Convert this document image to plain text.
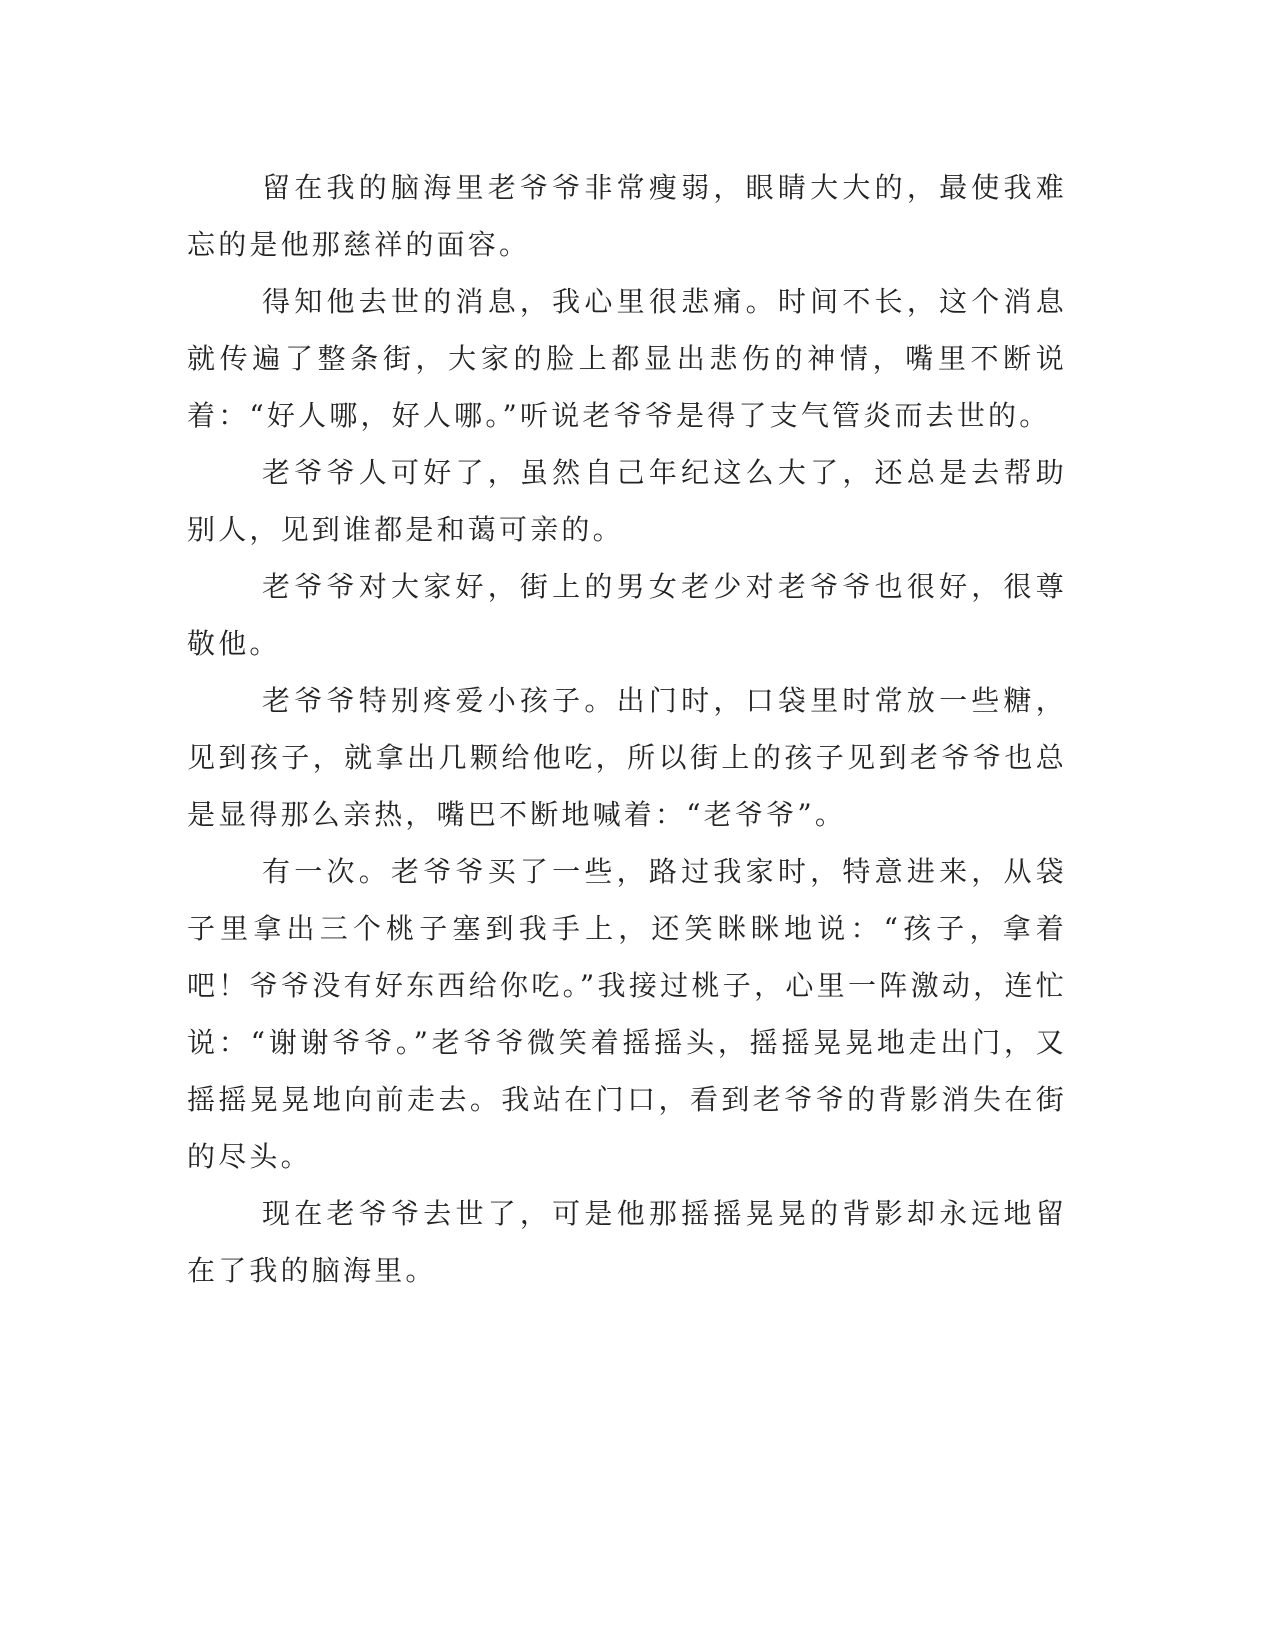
留在我的脑海里老爷爷非常瘦弱，眼睛大大的，最使我难忘的是他那慈祥的面容。

得知他去世的消息，我心里很悲痛。时间不长，这个消息就传遍了整条街，大家的脸上都显出悲伤的神情，嘴里不断说着：“好人哪，好人哪。”听说老爷爷是得了支气管炎而去世的。

老爷爷人可好了，虽然自己年纪这么大了，还总是去帮助别人，见到谁都是和蔼可亲的。

老爷爷对大家好，街上的男女老少对老爷爷也很好，很尊敬他。

老爷爷特别疼爱小孩子。出门时，口袋里时常放一些糖，见到孩子，就拿出几颗给他吃，所以街上的孩子见到老爷爷也总是显得那么亲热，嘴巴不断地喊着：“老爷爷”。

有一次。老爷爷买了一些，路过我家时，特意进来，从袋子里拿出三个桃子塞到我手上，还笑眯眯地说：“孩子，拿着吧！爷爷没有好东西给你吃。”我接过桃子，心里一阵激动，连忙说：“谢谢爷爷。”老爷爷微笑着摇摇头，摇摇晃晃地走出门，又摇摇晃晃地向前走去。我站在门口，看到老爷爷的背影消失在街的尽头。

现在老爷爷去世了，可是他那摇摇晃晃的背影却永远地留在了我的脑海里。
